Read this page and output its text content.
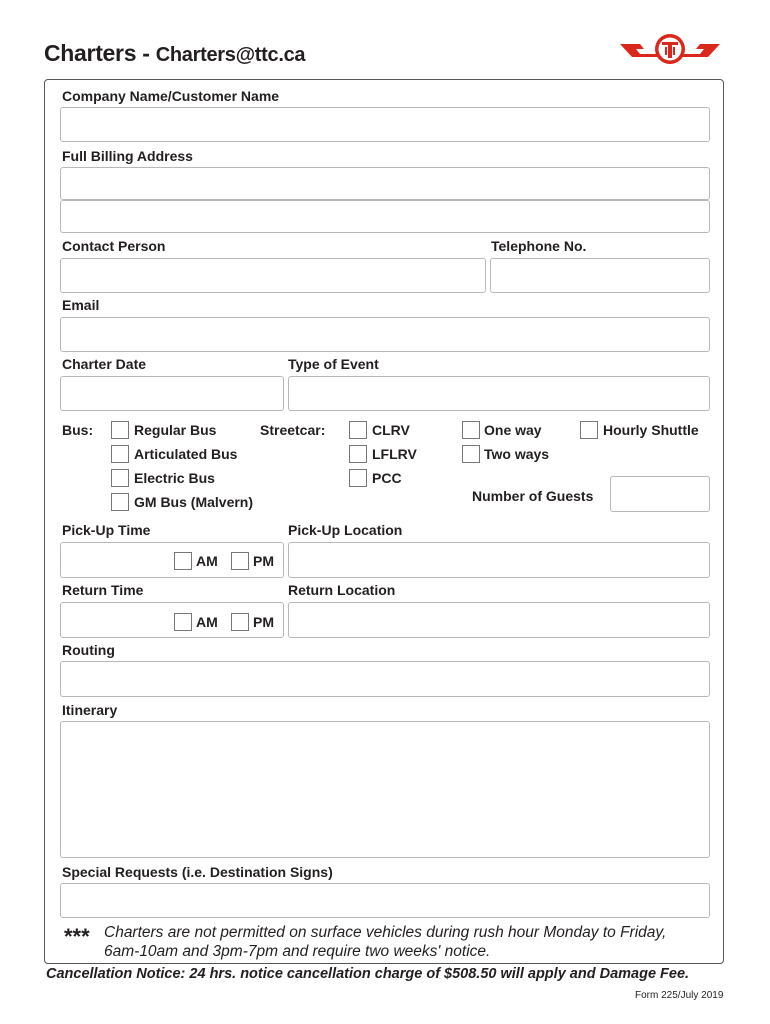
Charters - Charters@ttc.ca
Company Name/Customer Name
Full Billing Address
Contact Person	Telephone No.
Email
Charter Date	Type of Event
Bus:	Regular Bus
Articulated Bus
Electric Bus
GM Bus (Malvern)
Streetcar:	CLRV
LFLRV
PCC
One way
Two ways
Hourly Shuttle
Number of Guests
Pick-Up Time	Pick-Up Location
AM	PM
Return Time	Return Location
AM	PM
Routing
Itinerary
Special Requests (i.e. Destination Signs)
*** Charters are not permitted on surface vehicles during rush hour Monday to Friday,
6am-10am and 3pm-7pm and require two weeks' notice.
Cancellation Notice: 24 hrs. notice cancellation charge of $508.50 will apply and Damage Fee.
Form 225/July 2019
